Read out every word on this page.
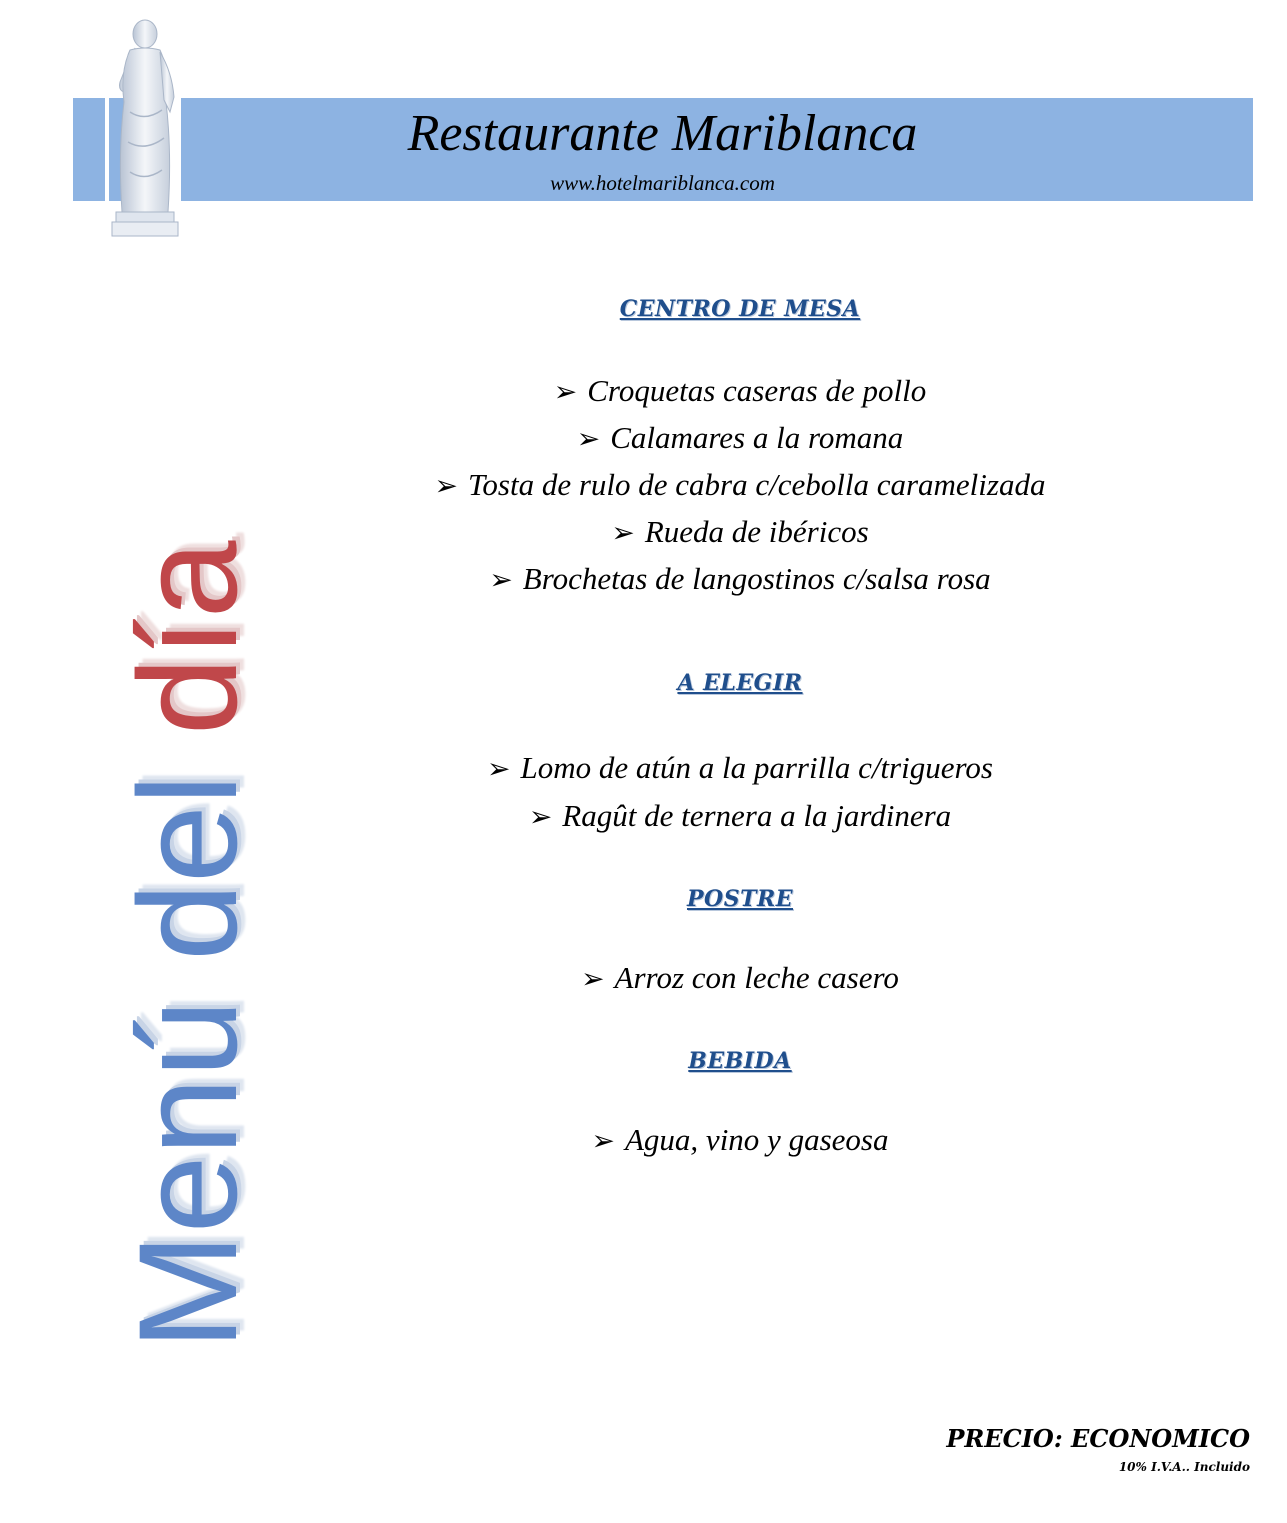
Restaurante Mariblanca
www.hotelmariblanca.com
Menú del día
CENTRO DE MESA
➢ Croquetas caseras de pollo
➢ Calamares a la romana
➢ Tosta de rulo de cabra c/cebolla caramelizada
➢ Rueda de ibéricos
➢ Brochetas de langostinos c/salsa rosa
A ELEGIR
➢ Lomo de atún a la parrilla c/trigueros
➢ Ragût de ternera a la jardinera
POSTRE
➢ Arroz con leche casero
BEBIDA
➢ Agua, vino y gaseosa
PRECIO: ECONOMICO
10% I.V.A.. Incluido
